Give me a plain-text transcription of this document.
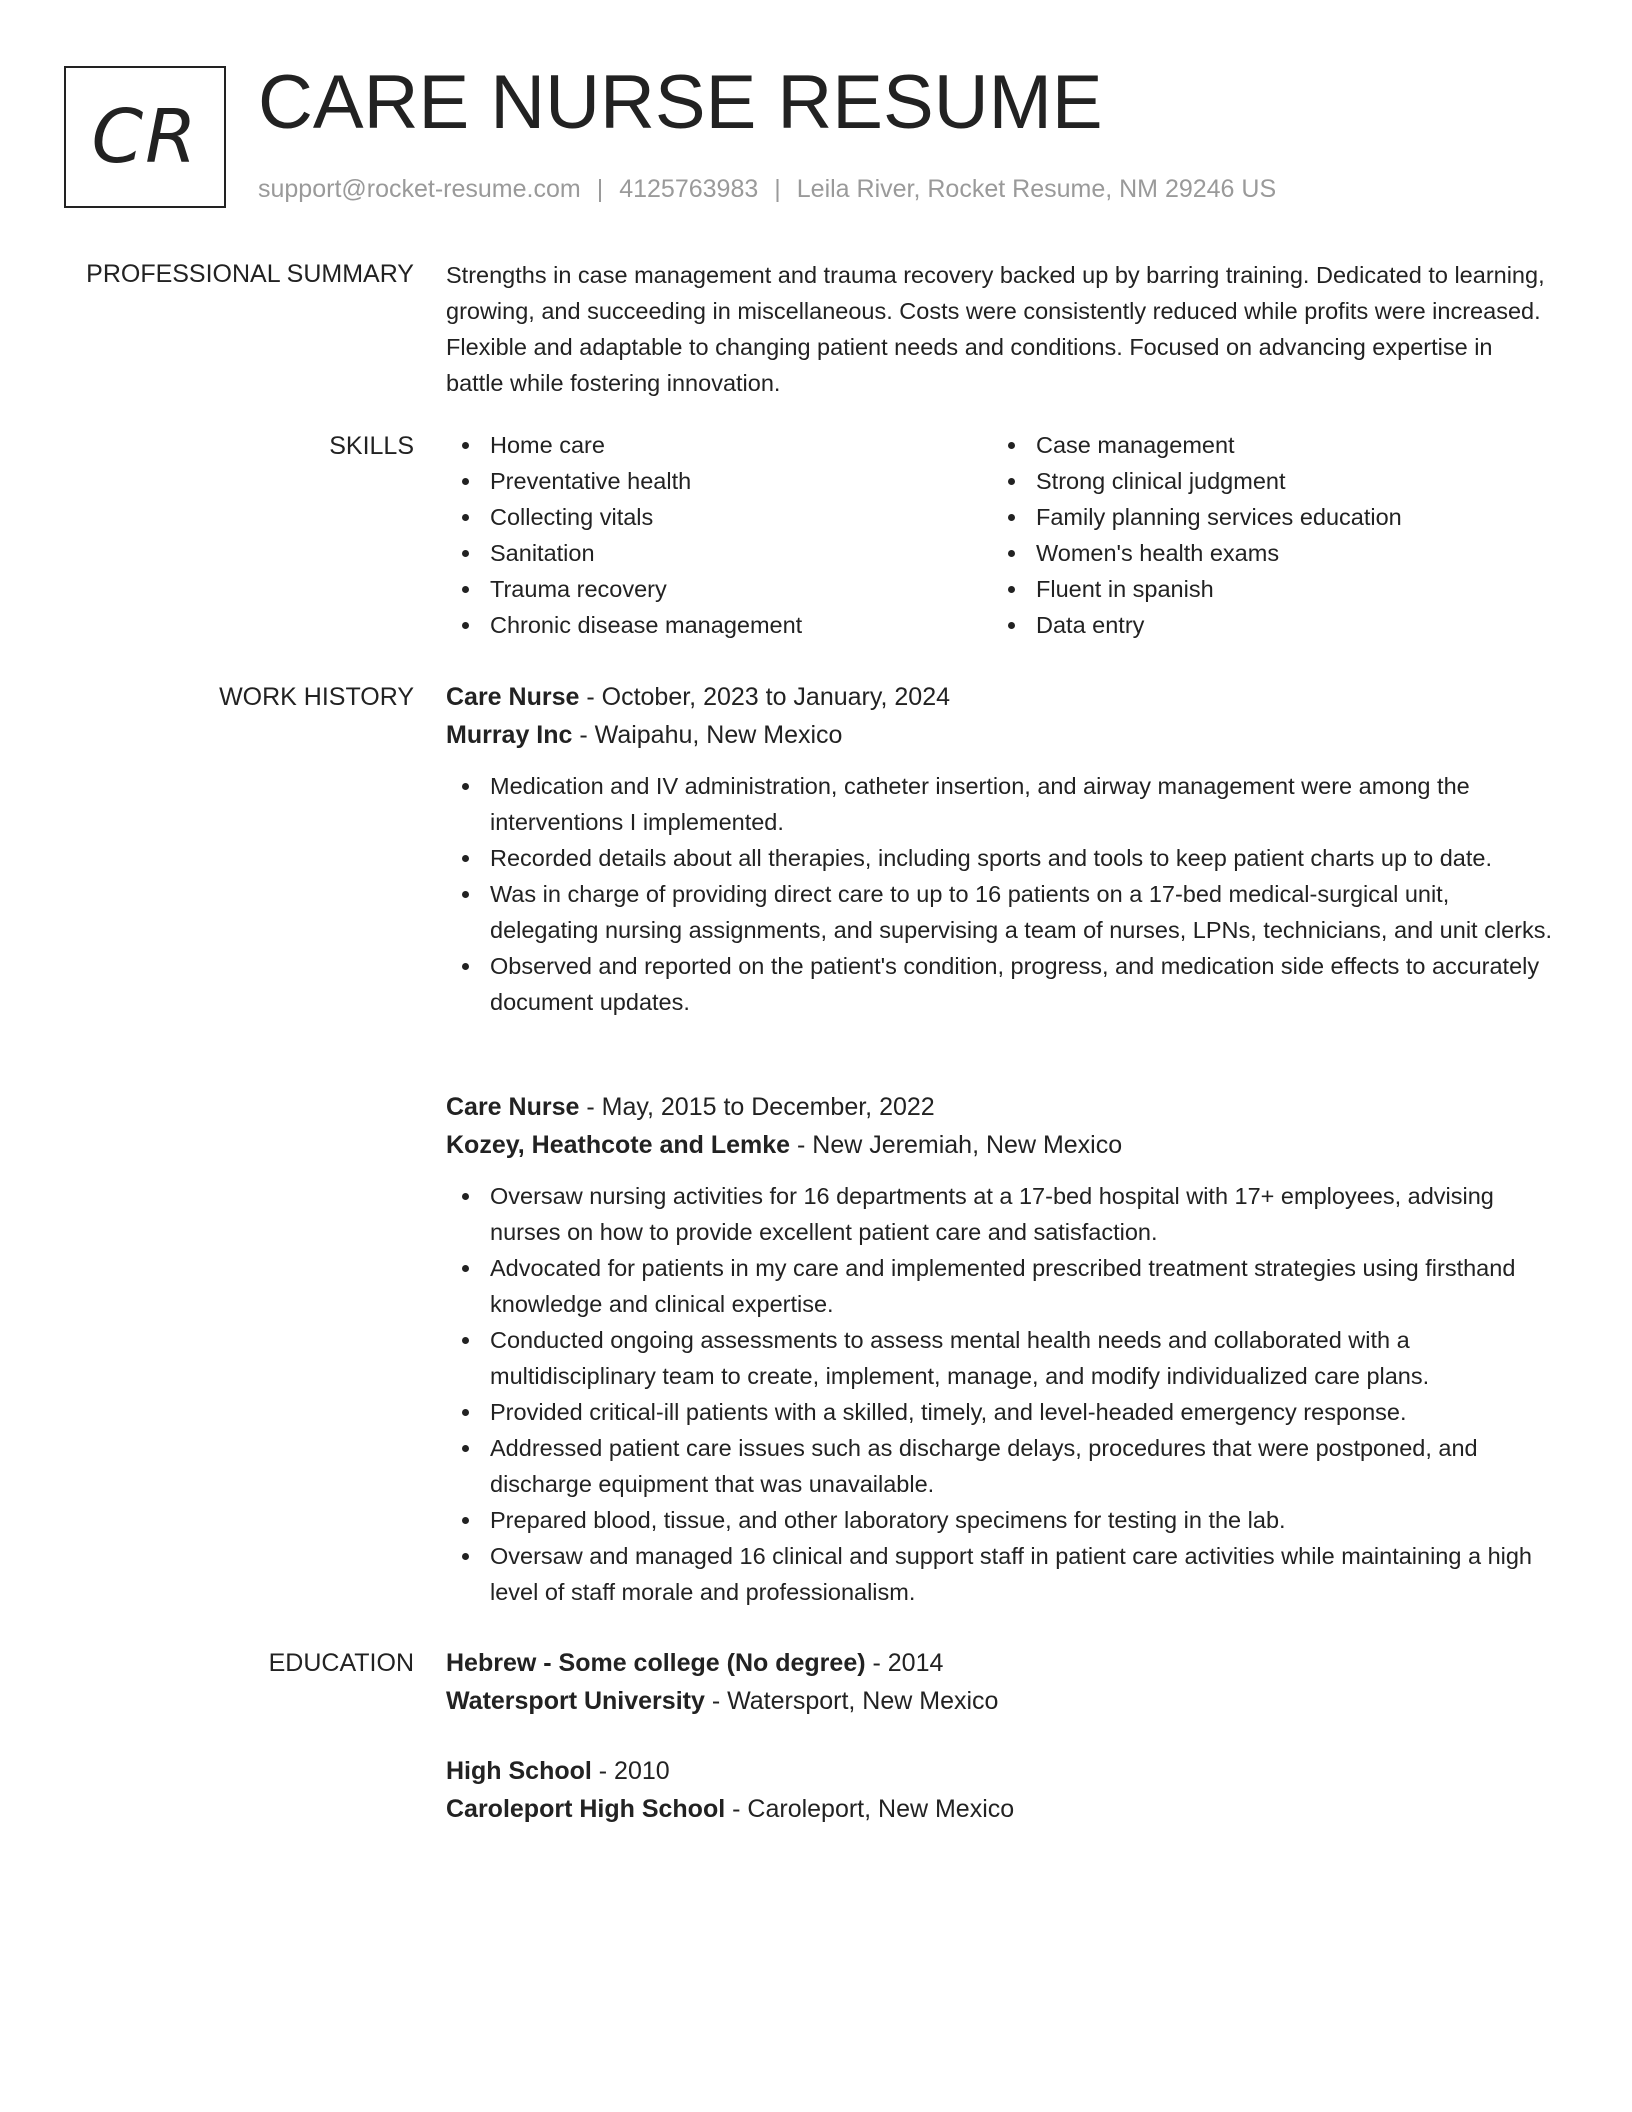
CR CARE NURSE RESUME
support@rocket-resume.com | 4125763983 | Leila River, Rocket Resume, NM 29246 US
PROFESSIONAL SUMMARY Strengths in case management and trauma recovery backed up by barring training. Dedicated to learning, growing, and succeeding in miscellaneous. Costs were consistently reduced while profits were increased. Flexible and adaptable to changing patient needs and conditions. Focused on advancing expertise in battle while fostering innovation.
SKILLS	Home care
Preventative health
Collecting vitals
Sanitation
Trauma recovery
Chronic disease management
Case management
Strong clinical judgment
Family planning services education
Women's health exams
Fluent in spanish
Data entry
WORK HISTORY Care Nurse - October, 2023 to January, 2024
Murray Inc - Waipahu, New Mexico
Medication and IV administration, catheter insertion, and airway management were among the interventions I implemented.
Recorded details about all therapies, including sports and tools to keep patient charts up to date.
Was in charge of providing direct care to up to 16 patients on a 17-bed medical-surgical unit, delegating nursing assignments, and supervising a team of nurses, LPNs, technicians, and unit clerks.
Observed and reported on the patient's condition, progress, and medication side effects to accurately document updates.
Care Nurse - May, 2015 to December, 2022
Kozey, Heathcote and Lemke - New Jeremiah, New Mexico
Oversaw nursing activities for 16 departments at a 17-bed hospital with 17+ employees, advising nurses on how to provide excellent patient care and satisfaction.
Advocated for patients in my care and implemented prescribed treatment strategies using firsthand knowledge and clinical expertise.
Conducted ongoing assessments to assess mental health needs and collaborated with a multidisciplinary team to create, implement, manage, and modify individualized care plans.
Provided critical-ill patients with a skilled, timely, and level-headed emergency response.
Addressed patient care issues such as discharge delays, procedures that were postponed, and discharge equipment that was unavailable.
Prepared blood, tissue, and other laboratory specimens for testing in the lab.
Oversaw and managed 16 clinical and support staff in patient care activities while maintaining a high level of staff morale and professionalism.
EDUCATION Hebrew - Some college (No degree) - 2014
Watersport University - Watersport, New Mexico
High School - 2010
Caroleport High School - Caroleport, New Mexico
